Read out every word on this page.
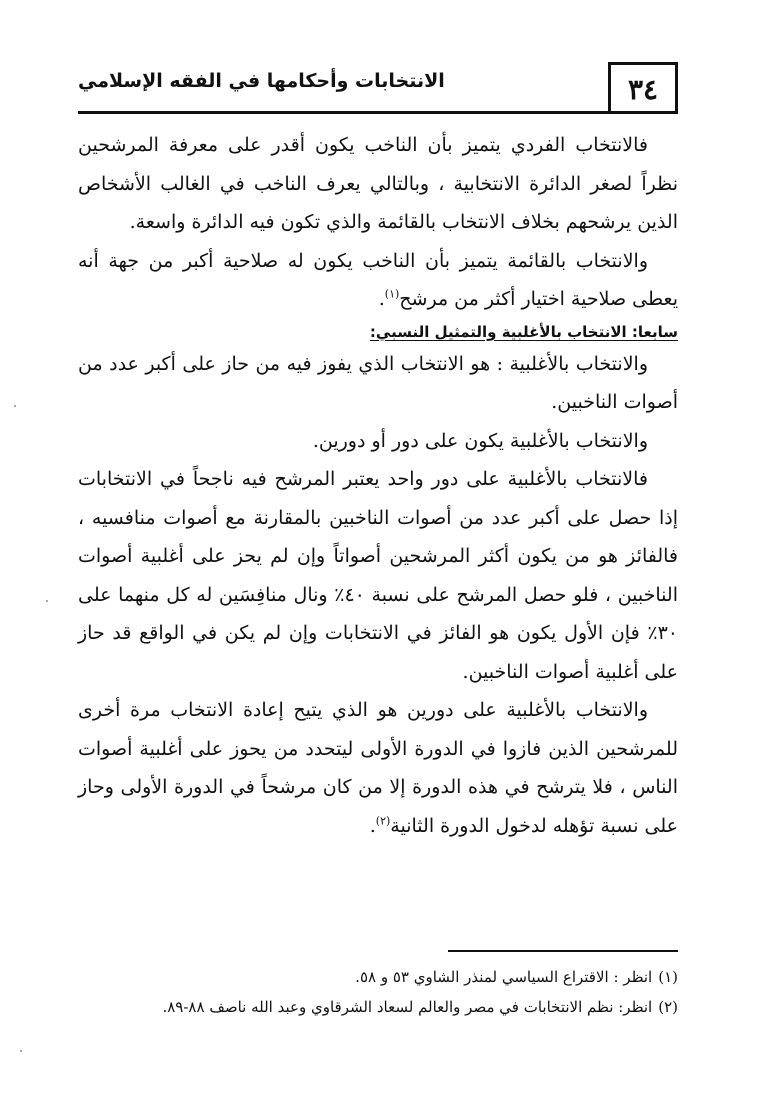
الانتخابات وأحكامها في الفقه الإسلامي	٣٤

فالانتخاب الفردي يتميز بأن الناخب يكون أقدر على معرفة المرشحين نظراً لصغر الدائرة الانتخابية ، وبالتالي يعرف الناخب في الغالب الأشخاص الذين يرشحهم بخلاف الانتخاب بالقائمة والذي تكون فيه الدائرة واسعة.

والانتخاب بالقائمة يتميز بأن الناخب يكون له صلاحية أكبر من جهة أنه يعطى صلاحية اختيار أكثر من مرشح$^{(١)}$.

سابعا: الانتخاب بالأغلبية والتمثيل النسبي:

والانتخاب بالأغلبية : هو الانتخاب الذي يفوز فيه من حاز على أكبر عدد من أصوات الناخبين.

والانتخاب بالأغلبية يكون على دور أو دورين.

فالانتخاب بالأغلبية على دور واحد يعتبر المرشح فيه ناجحاً في الانتخابات إذا حصل على أكبر عدد من أصوات الناخبين بالمقارنة مع أصوات منافسيه ، فالفائز هو من يكون أكثر المرشحين أصواتاً وإن لم يحز على أغلبية أصوات الناخبين ، فلو حصل المرشح على نسبة ٤٠٪ ونال منافِسَين له كل منهما على ٣٠٪ فإن الأول يكون هو الفائز في الانتخابات وإن لم يكن في الواقع قد حاز على أغلبية أصوات الناخبين.

والانتخاب بالأغلبية على دورين هو الذي يتيح إعادة الانتخاب مرة أخرى للمرشحين الذين فازوا في الدورة الأولى ليتحدد من يحوز على أغلبية أصوات الناس ، فلا يترشح في هذه الدورة إلا من كان مرشحاً في الدورة الأولى وحاز على نسبة تؤهله لدخول الدورة الثانية$^{(٢)}$.

(١)انظر : الاقتراع السياسي لمنذر الشاوي ٥٣ و ٥٨.

(٢)انظر: نظم الانتخابات في مصر والعالم لسعاد الشرقاوي وعبد الله ناصف ٨٨-٨٩.
